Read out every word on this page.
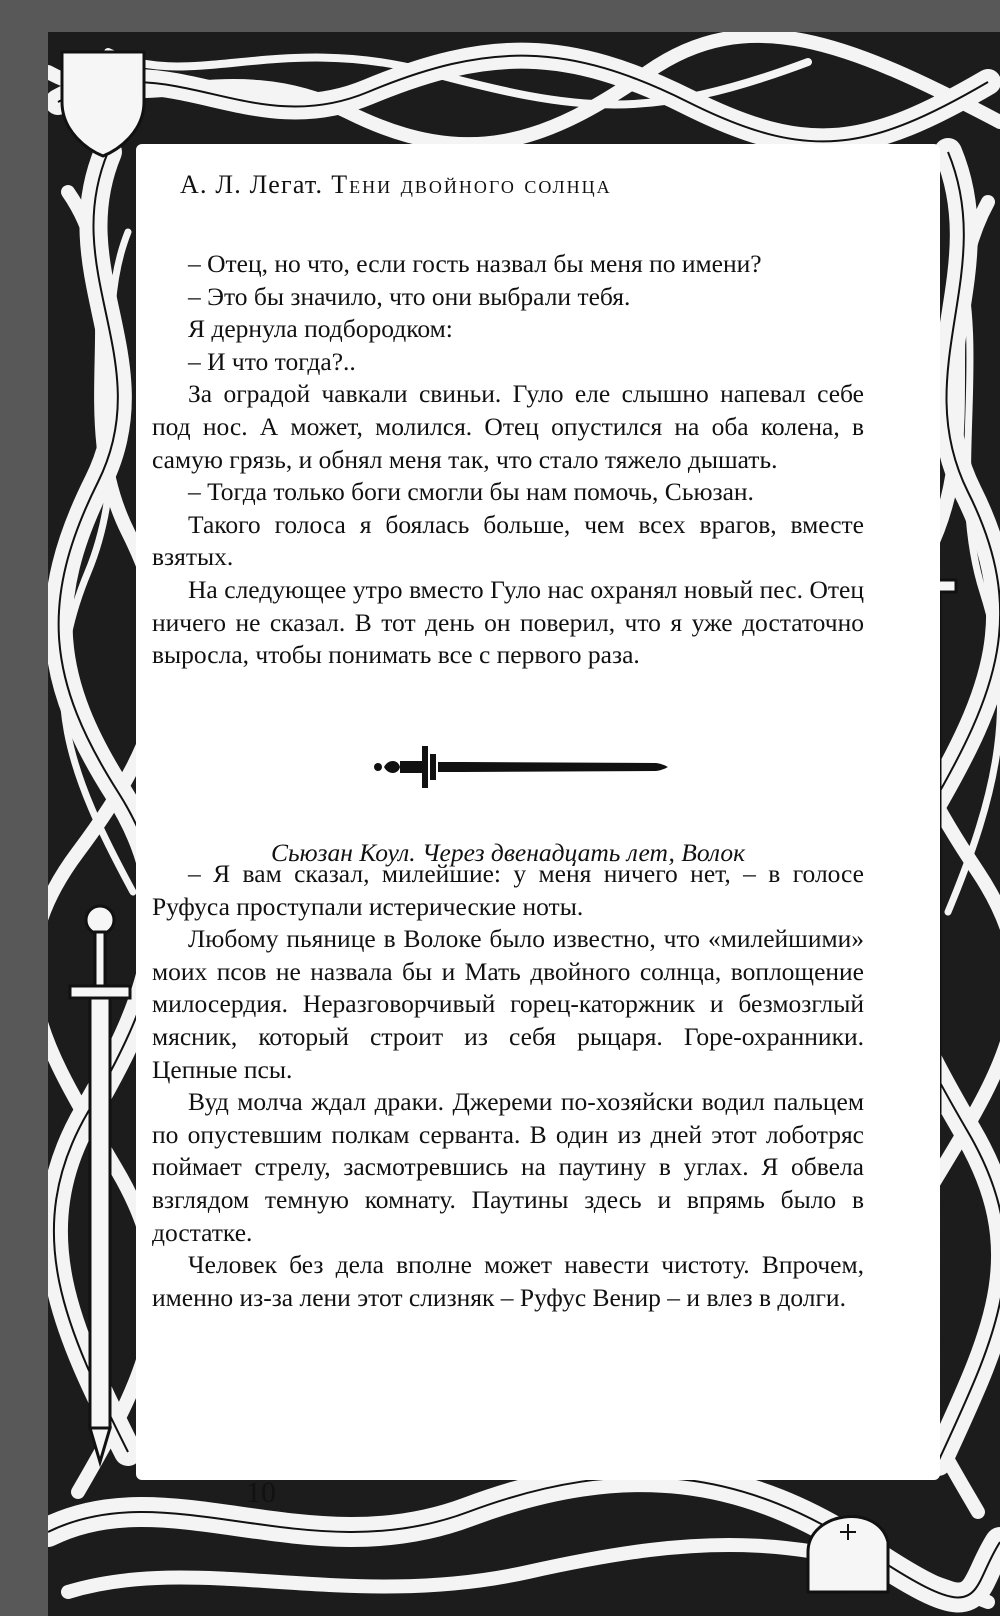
А. Л. Легат. Тени двойного солнца

– Отец, но что, если гость назвал бы меня по имени?

– Это бы значило, что они выбрали тебя.

Я дернула подбородком:

– И что тогда?..

За оградой чавкали свиньи. Гуло еле слышно напевал себе под нос. А может, молился. Отец опустился на оба колена, в самую грязь, и обнял меня так, что стало тяжело дышать.

– Тогда только боги смогли бы нам помочь, Сьюзан.

Такого голоса я боялась больше, чем всех врагов, вместе взятых.

На следующее утро вместо Гуло нас охранял новый пес. Отец ничего не сказал. В тот день он поверил, что я уже достаточно выросла, чтобы понимать все с первого раза.

Сьюзан Коул. Через двенадцать лет, Волок

– Я вам сказал, милейшие: у меня ничего нет, – в голосе Руфуса проступали истерические ноты.

Любому пьянице в Волоке было известно, что «милейшими» моих псов не назвала бы и Мать двойного солнца, воплощение милосердия. Неразговорчивый горец-каторжник и безмозглый мясник, который строит из себя рыцаря. Горе-охранники. Цепные псы.

Вуд молча ждал драки. Джереми по-хозяйски водил пальцем по опустевшим полкам серванта. В один из дней этот лоботряс поймает стрелу, засмотревшись на паутину в углах. Я обвела взглядом темную комнату. Паутины здесь и впрямь было в достатке.

Человек без дела вполне может навести чистоту. Впрочем, именно из-за лени этот слизняк – Руфус Венир – и влез в долги.

10
